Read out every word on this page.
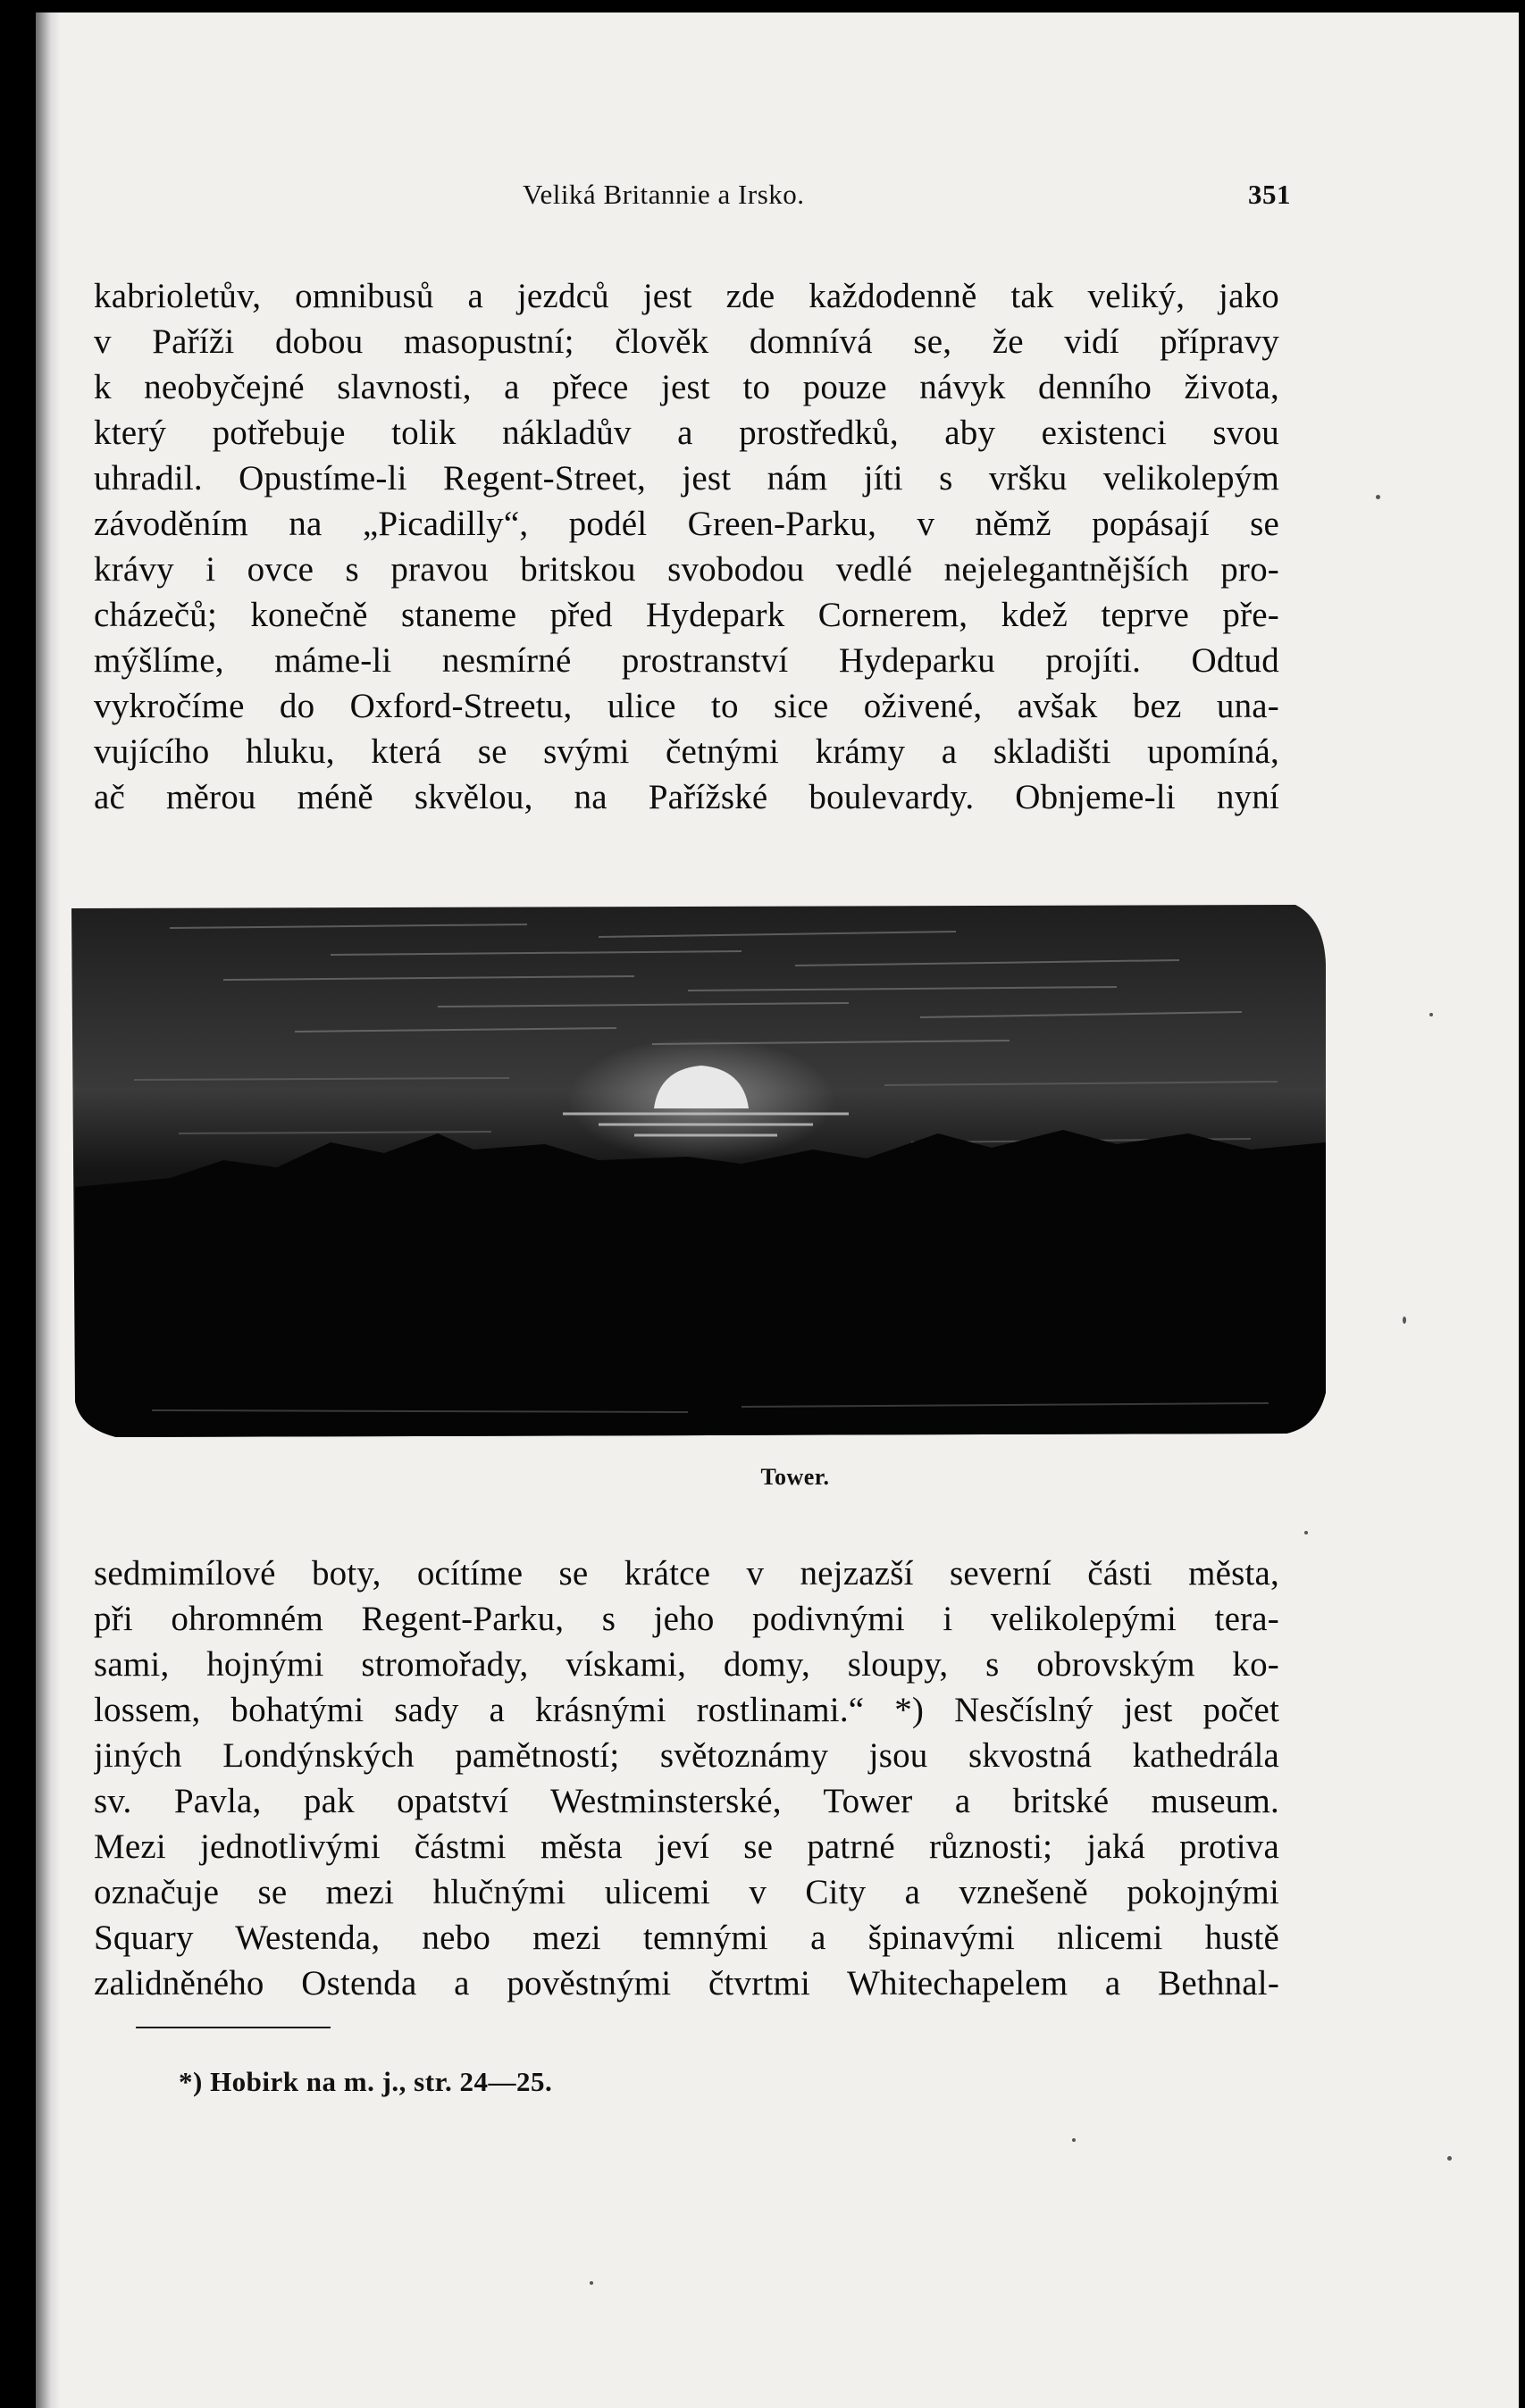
Veliká Britannie a Irsko.	351
kabrioletův, omnibusů a jezdců jest zde každodenně tak veliký, jako
v Paříži dobou masopustní; člověk domnívá se, že vidí přípravy
k neobyčejné slavnosti, a přece jest to pouze návyk denního života,
který potřebuje tolik nákladův a prostředků, aby existenci svou
uhradil. Opustíme-li Regent-Street, jest nám jíti s vršku velikolepým
závoděním na „Picadilly“, podél Green-Parku, v němž popásají se
krávy i ovce s pravou britskou svobodou vedlé nejelegantnějších pro-
cházečů; konečně staneme před Hydepark Cornerem, kdež teprve pře-
mýšlíme, máme-li nesmírné prostranství Hydeparku projíti. Odtud
vykročíme do Oxford-Streetu, ulice to sice oživené, avšak bez una-
vujícího hluku, která se svými četnými krámy a skladišti upomíná,
ač měrou méně skvělou, na Pařížské boulevardy. Obnjeme-li nyní
Tower.
sedmimílové boty, ocítíme se krátce v nejzazší severní části města,
při ohromném Regent-Parku, s jeho podivnými i velikolepými tera-
sami, hojnými stromořady, vískami, domy, sloupy, s obrovským ko-
lossem, bohatými sady a krásnými rostlinami.“ *) Nesčíslný jest počet
jiných Londýnských pamětností; světoznámy jsou skvostná kathedrála
sv. Pavla, pak opatství Westminsterské, Tower a britské museum.
Mezi jednotlivými částmi města jeví se patrné různosti; jaká protiva
označuje se mezi hlučnými ulicemi v City a vznešeně pokojnými
Squary Westenda, nebo mezi temnými a špinavými nlicemi hustě
zalidněného Ostenda a pověstnými čtvrtmi Whitechapelem a Bethnal-
*) Hobirk na m. j., str. 24—25.
